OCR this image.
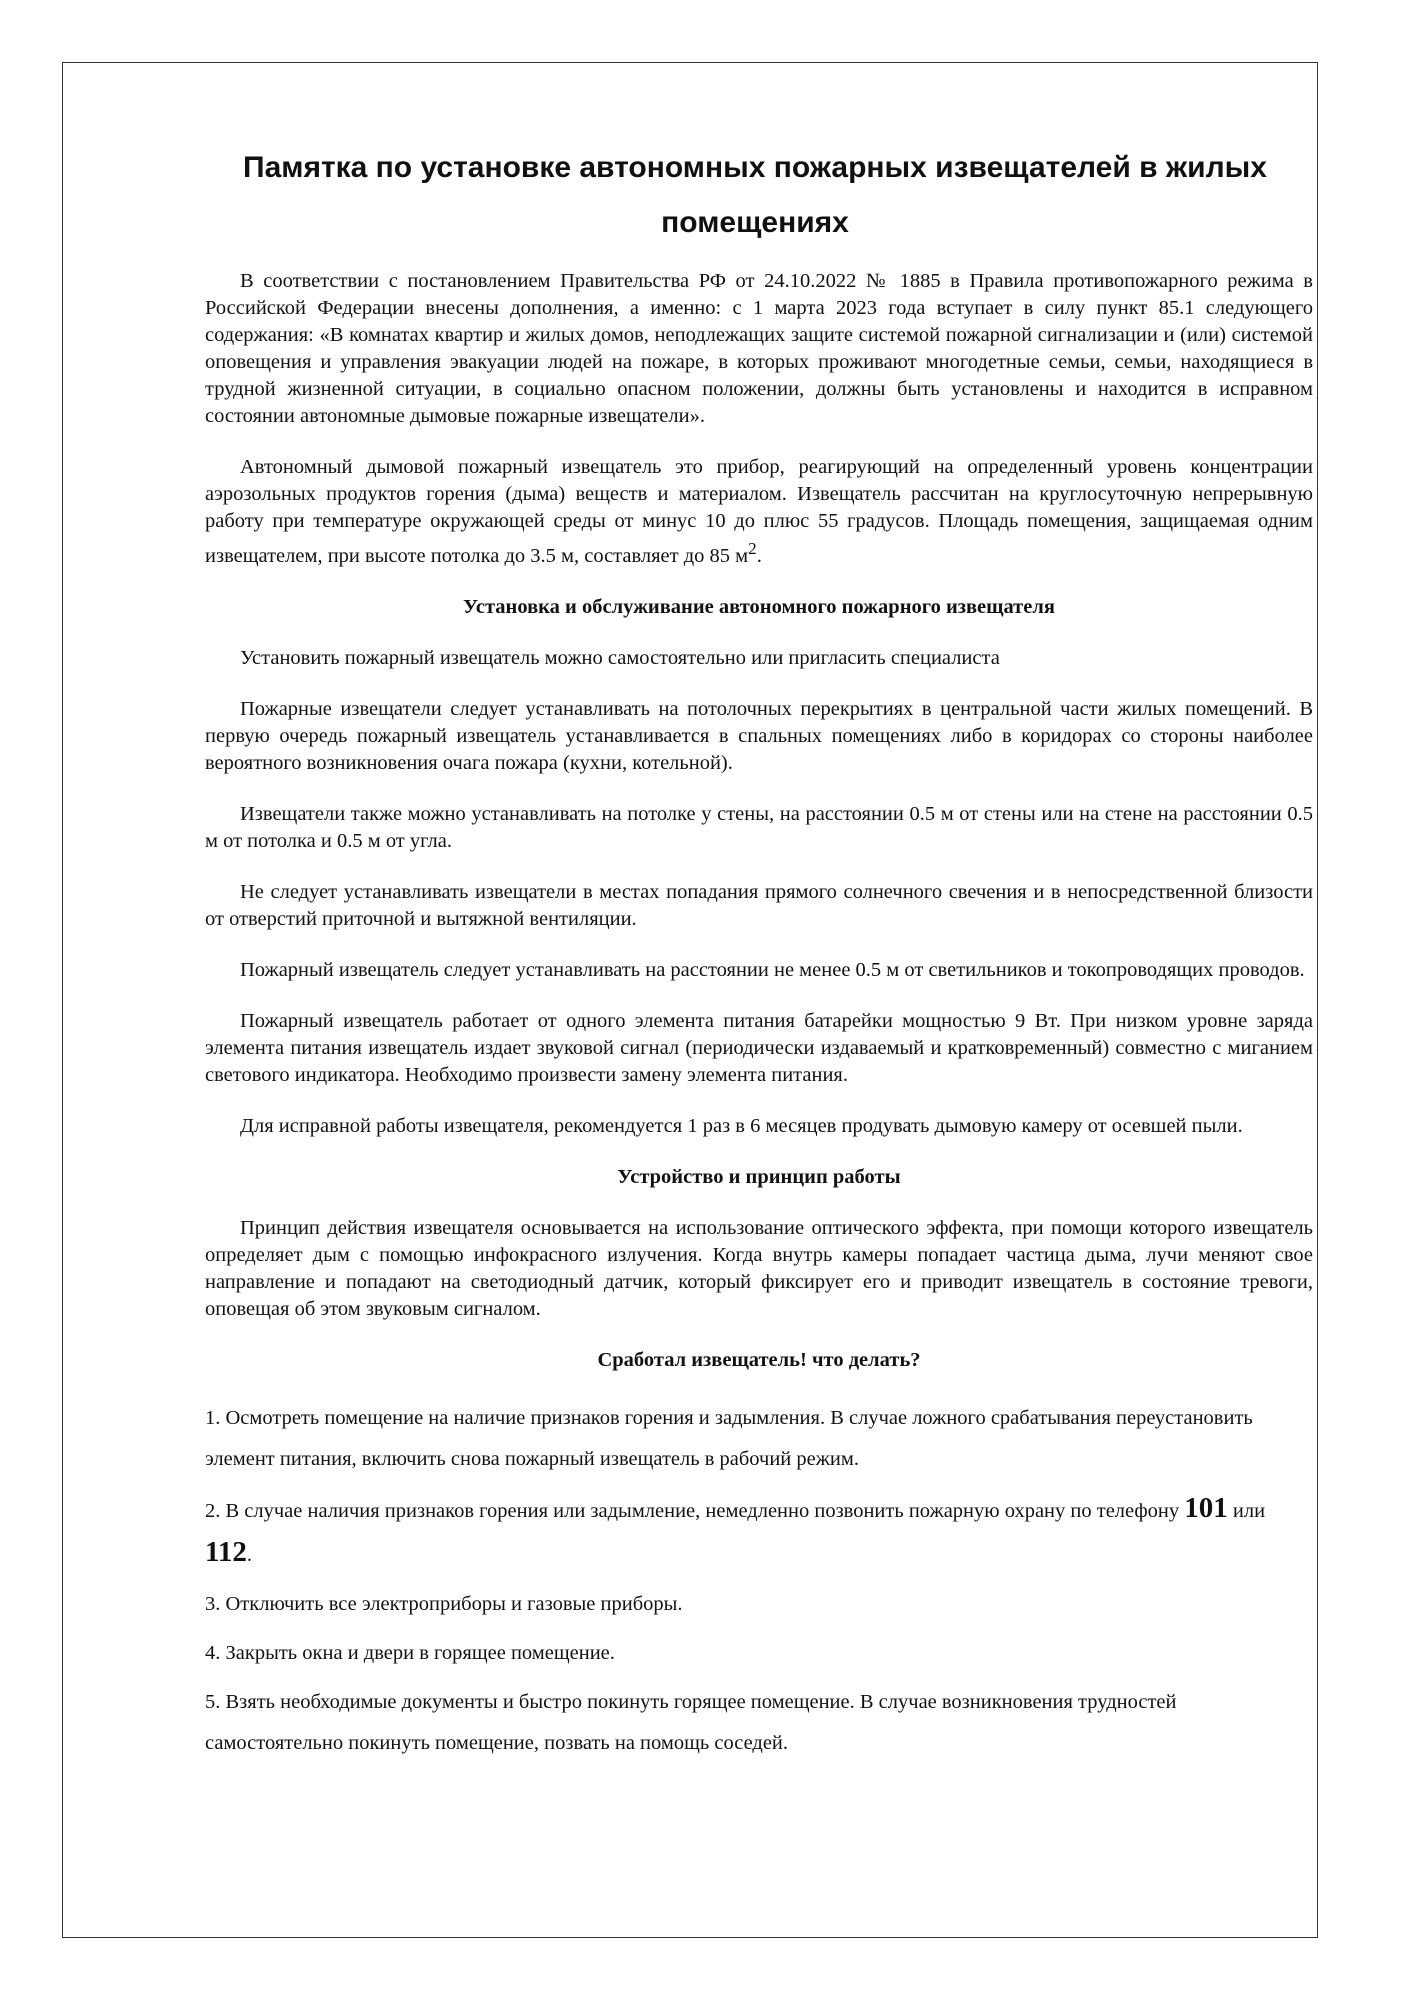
Памятка по установке автономных пожарных извещателей в жилых помещениях

В соответствии с постановлением Правительства РФ от 24.10.2022 № 1885 в Правила противопожарного режима в Российской Федерации внесены дополнения, а именно: с 1 марта 2023 года вступает в силу пункт 85.1 следующего содержания: «В комнатах квартир и жилых домов, неподлежащих защите системой пожарной сигнализации и (или) системой оповещения и управления эвакуации людей на пожаре, в которых проживают многодетные семьи, семьи, находящиеся в трудной жизненной ситуации, в социально опасном положении, должны быть установлены и находится в исправном состоянии автономные дымовые пожарные извещатели».

Автономный дымовой пожарный извещатель это прибор, реагирующий на определенный уровень концентрации аэрозольных продуктов горения (дыма) веществ и материалом. Извещатель рассчитан на круглосуточную непрерывную работу при температуре окружающей среды от минус 10 до плюс 55 градусов. Площадь помещения, защищаемая одним извещателем, при высоте потолка до 3.5 м, составляет до 85 $м^2$.

Установка и обслуживание автономного пожарного извещателя

Установить пожарный извещатель можно самостоятельно или пригласить специалиста

Пожарные извещатели следует устанавливать на потолочных перекрытиях в центральной части жилых помещений. В первую очередь пожарный извещатель устанавливается в спальных помещениях либо в коридорах со стороны наиболее вероятного возникновения очага пожара (кухни, котельной).

Извещатели также можно устанавливать на потолке у стены, на расстоянии 0.5 м от стены или на стене на расстоянии 0.5 м от потолка и 0.5 м от угла.

Не следует устанавливать извещатели в местах попадания прямого солнечного свечения и в непосредственной близости от отверстий приточной и вытяжной вентиляции.

Пожарный извещатель следует устанавливать на расстоянии не менее 0.5 м от светильников и токопроводящих проводов.

Пожарный извещатель работает от одного элемента питания батарейки мощностью 9 Вт. При низком уровне заряда элемента питания извещатель издает звуковой сигнал (периодически издаваемый и кратковременный) совместно с миганием светового индикатора. Необходимо произвести замену элемента питания.

Для исправной работы извещателя, рекомендуется 1 раз в 6 месяцев продувать дымовую камеру от осевшей пыли.

Устройство и принцип работы

Принцип действия извещателя основывается на использование оптического эффекта, при помощи которого извещатель определяет дым с помощью инфокрасного излучения. Когда внутрь камеры попадает частица дыма, лучи меняют свое направление и попадают на светодиодный датчик, который фиксирует его и приводит извещатель в состояние тревоги, оповещая об этом звуковым сигналом.

Сработал извещатель! что делать?

1. Осмотреть помещение на наличие признаков горения и задымления. В случае ложного срабатывания переустановить элемент питания, включить снова пожарный извещатель в рабочий режим.

2. В случае наличия признаков горения или задымление, немедленно позвонить пожарную охрану по телефону 101 или 112.

3. Отключить все электроприборы и газовые приборы.

4. Закрыть окна и двери в горящее помещение.

5. Взять необходимые документы и быстро покинуть горящее помещение. В случае возникновения трудностей самостоятельно покинуть помещение, позвать на помощь соседей.
